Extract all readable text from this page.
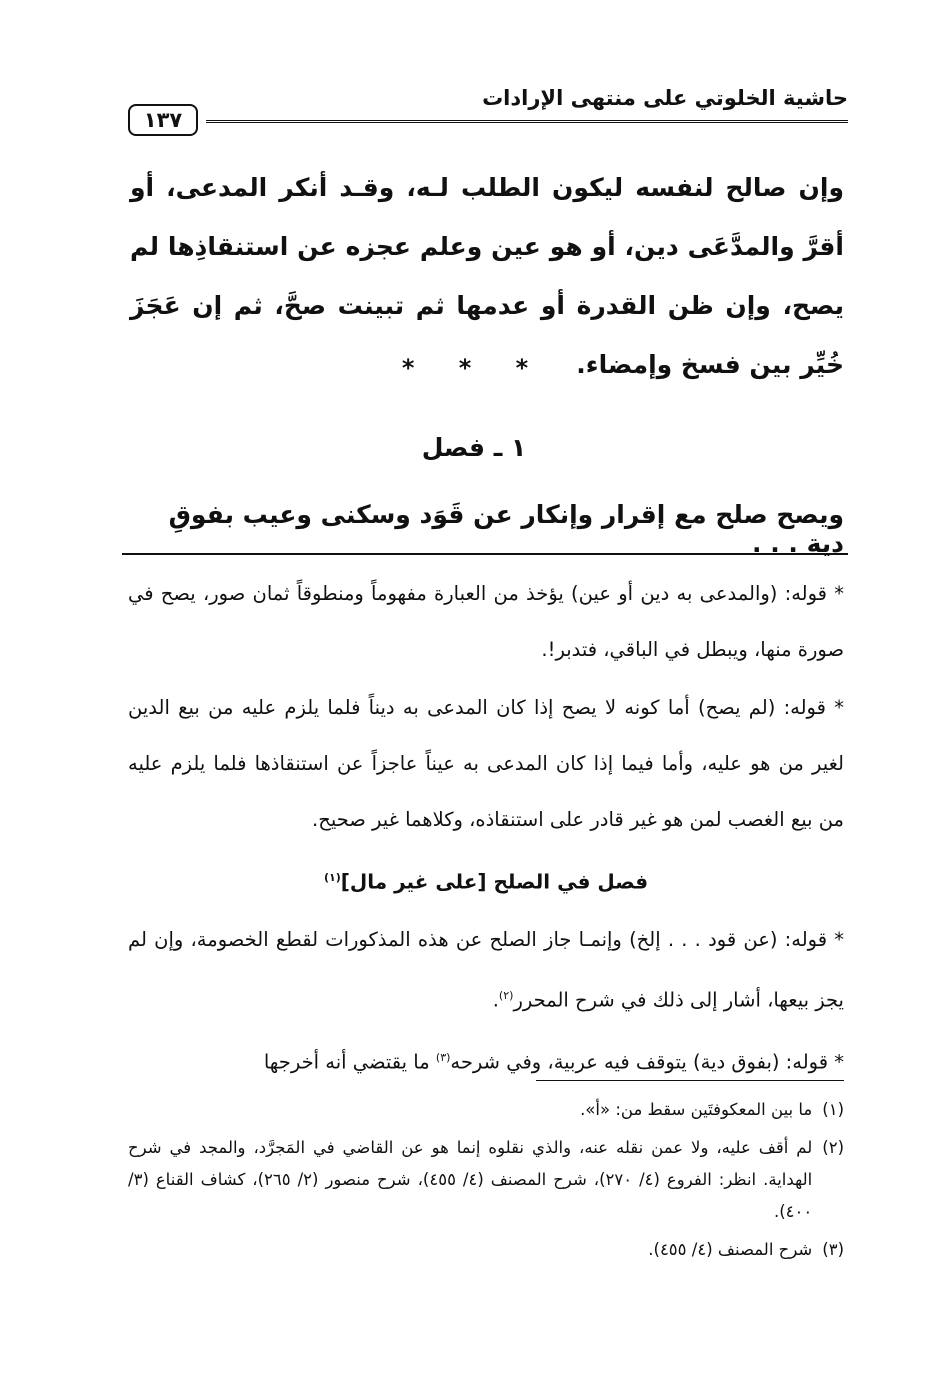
حاشية الخلوتي على منتهى الإرادات
١٣٧
وإن صالح لنفسه ليكون الطلب لـه، وقـد أنكر المدعى، أو أقرَّ والمدَّعَى دين، أو هو عين وعلم عجزه عن استنقاذِها لم يصح، وإن ظن القدرة أو عدمها ثم تبينت صحَّ، ثم إن عَجَزَ خُيِّر بين فسخ وإمضاء.
* * *
١ ـ فصل
ويصح صلح مع إقرار وإنكار عن قَوَد وسكنى وعيب بفوقِ دية . . .

* قوله: (والمدعى به دين أو عين) يؤخذ من العبارة مفهوماً ومنطوقاً ثمان صور، يصح في صورة منها، ويبطل في الباقي، فتدبر!.

* قوله: (لم يصح) أما كونه لا يصح إذا كان المدعى به ديناً فلما يلزم عليه من بيع الدين لغير من هو عليه، وأما فيما إذا كان المدعى به عيناً عاجزاً عن استنقاذها فلما يلزم عليه من بيع الغصب لمن هو غير قادر على استنقاذه، وكلاهما غير صحيح.

فصل في الصلح [على غير مال]$^{(١)}$

* قوله: (عن قود . . . إلخ) وإنمـا جاز الصلح عن هذه المذكورات لقطع الخصومة، وإن لم يجز بيعها، أشار إلى ذلك في شرح المحرر$^{(٢)}$.

* قوله: (بفوق دية) يتوقف فيه عربية، وفي شرحه$^{(٣)}$ ما يقتضي أنه أخرجها

(١)
ما بين المعكوفتَين سقط من: «أ».
(٢)
لم أقف عليه، ولا عمن نقله عنه، والذي نقلوه إنما هو عن القاضي في المَجرَّد، والمجد في شرح الهداية. انظر: الفروع (٤/ ٢٧٠)، شرح المصنف (٤/ ٤٥٥)، شرح منصور (٢/ ٢٦٥)، كشاف القناع (٣/ ٤٠٠).
(٣)
شرح المصنف (٤/ ٤٥٥).
